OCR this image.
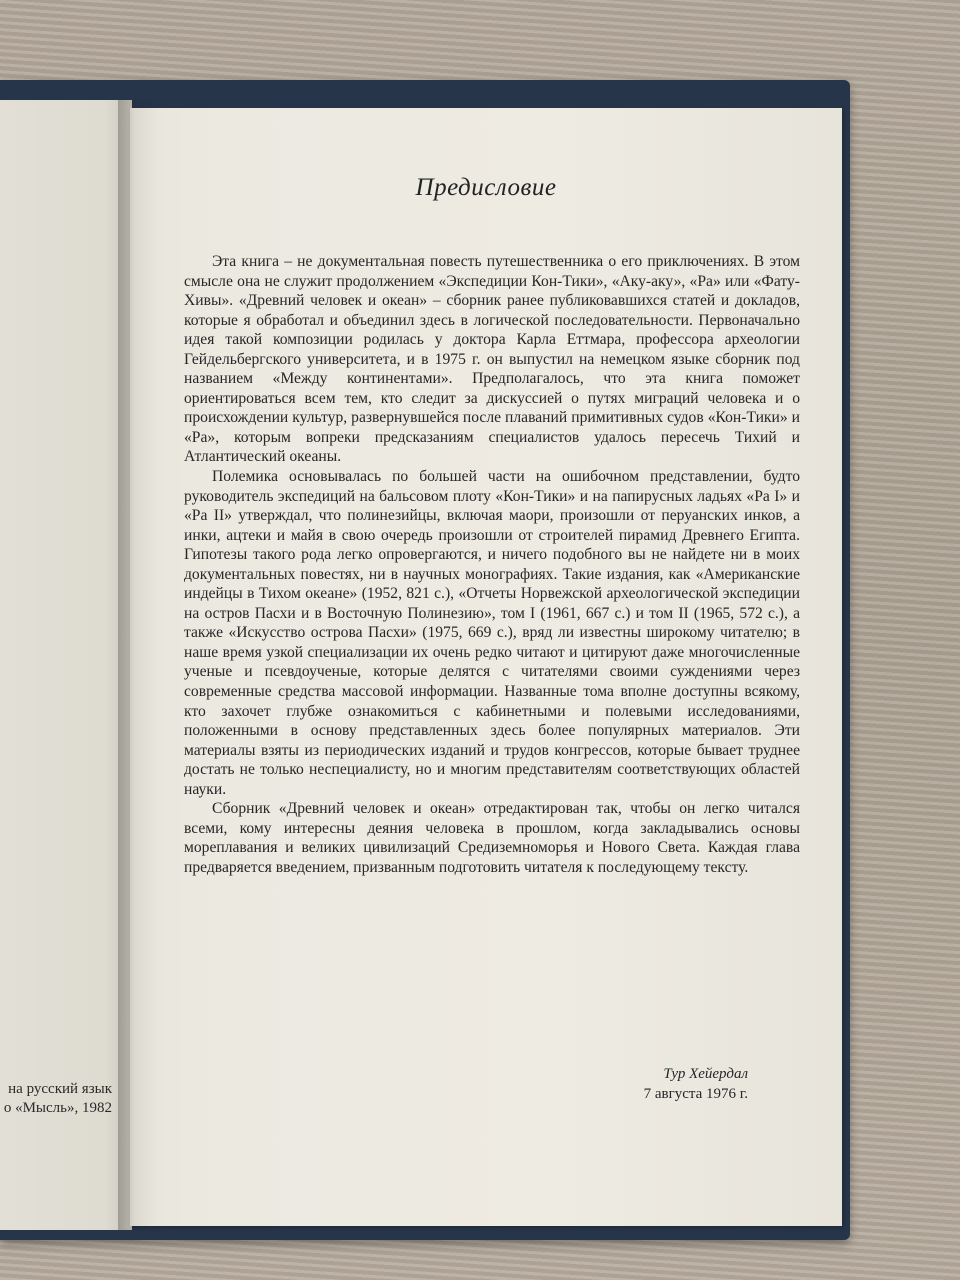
на русский язык
о «Мысль», 1982
Предисловие

Эта книга – не документальная повесть путешественника о его приключениях. В этом смысле она не служит продолжением «Экспедиции Кон-Тики», «Аку-аку», «Ра» или «Фату-Хивы». «Древний человек и океан» – сборник ранее публиковавшихся статей и докладов, которые я обработал и объединил здесь в логической последовательности. Первоначально идея такой композиции родилась у доктора Карла Еттмара, профессора археологии Гейдельбергского университета, и в 1975 г. он выпустил на немецком языке сборник под названием «Между континентами». Предполагалось, что эта книга поможет ориентироваться всем тем, кто следит за дискуссией о путях миграций человека и о происхождении культур, развернувшейся после плаваний примитивных судов «Кон-Тики» и «Ра», которым вопреки предсказаниям специалистов удалось пересечь Тихий и Атлантический океаны.

Полемика основывалась по большей части на ошибочном представлении, будто руководитель экспедиций на бальсовом плоту «Кон-Тики» и на папирусных ладьях «Ра I» и «Ра II» утверждал, что полинезийцы, включая маори, произошли от перуанских инков, а инки, ацтеки и майя в свою очередь произошли от строителей пирамид Древнего Египта. Гипотезы такого рода легко опровергаются, и ничего подобного вы не найдете ни в моих документальных повестях, ни в научных монографиях. Такие издания, как «Американские индейцы в Тихом океане» (1952, 821 с.), «Отчеты Норвежской археологической экспедиции на остров Пасхи и в Восточную Полинезию», том I (1961, 667 с.) и том II (1965, 572 с.), а также «Искусство острова Пасхи» (1975, 669 с.), вряд ли известны широкому читателю; в наше время узкой специализации их очень редко читают и цитируют даже многочисленные ученые и псевдоученые, которые делятся с читателями своими суждениями через современные средства массовой информации. Названные тома вполне доступны всякому, кто захочет глубже ознакомиться с кабинетными и полевыми исследованиями, положенными в основу представленных здесь более популярных материалов. Эти материалы взяты из периодических изданий и трудов конгрессов, которые бывает труднее достать не только неспециалисту, но и многим представителям соответствующих областей науки.

Сборник «Древний человек и океан» отредактирован так, чтобы он легко читался всеми, кому интересны деяния человека в прошлом, когда закладывались основы мореплавания и великих цивилизаций Средиземноморья и Нового Света. Каждая глава предваряется введением, призванным подготовить читателя к последующему тексту.

Тур Хейердал
7 августа 1976 г.
